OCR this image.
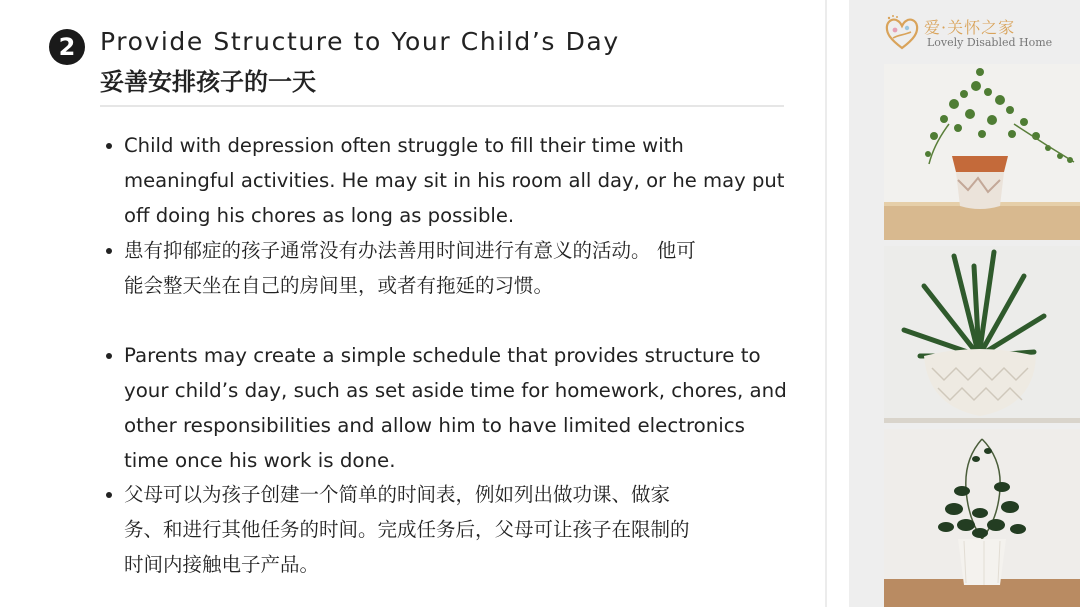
2 Provide Structure to Your Child’s Day
妥善安排孩子的一天
Child with depression often struggle to fill their time with
meaningful activities. He may sit in his room all day, or he may put
off doing his chores as long as possible.
患有抑郁症的孩子通常没有办法善用时间进行有意义的活动。 他可
能会整天坐在自己的房间里，或者有拖延的习惯。
Parents may create a simple schedule that provides structure to
your child’s day, such as set aside time for homework, chores, and
other responsibilities and allow him to have limited electronics
time once his work is done.
父母可以为孩子创建一个简单的时间表，例如列出做功课、做家
务、和进行其他任务的时间。完成任务后，父母可让孩子在限制的
时间内接触电子产品。
爱·关怀之家
Lovely Disabled Home
